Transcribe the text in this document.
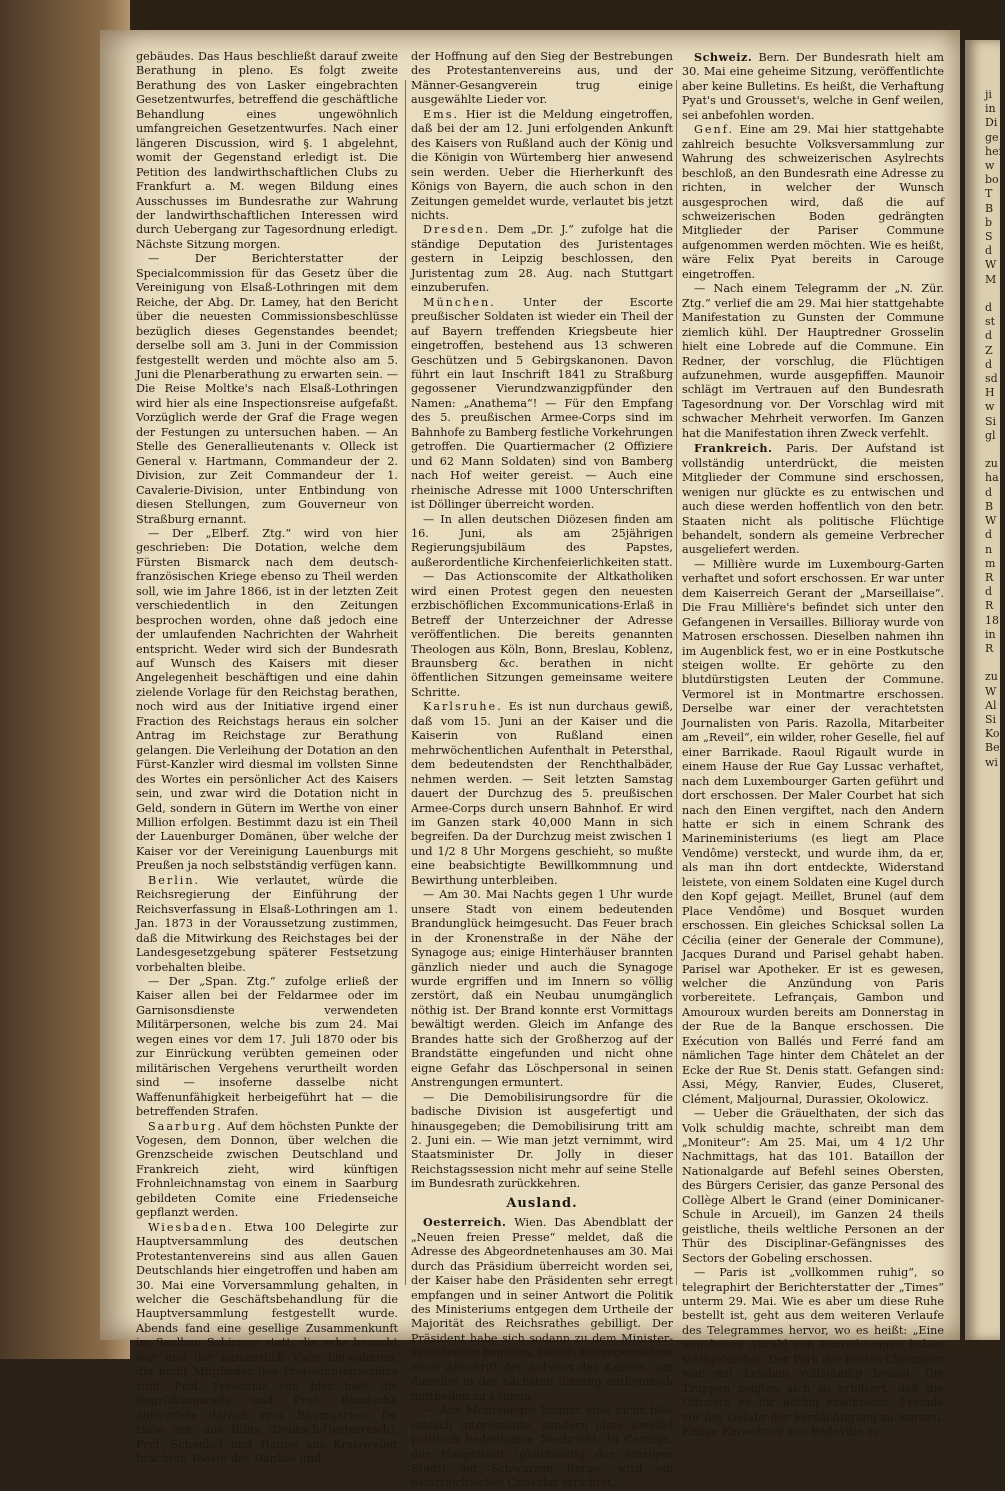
ji
in
Di
ge
hei
w
bo
T
B
b
S
d
W
M

d
st
d
Z
d
sd
H
w
Si
gl

zu
ha
d
B
W
d
n
m
R
d
R
18
in
R

zu
W
Al
Si
Ko
Bes
wi

gebäudes. Das Haus beschließt darauf zweite Berathung in pleno. Es folgt zweite Berathung des von Lasker eingebrachten Gesetzentwurfes, betreffend die geschäftliche Behandlung eines ungewöhnlich umfangreichen Gesetzentwurfes. Nach einer längeren Discussion, wird §. 1 abgelehnt, womit der Gegenstand erledigt ist. Die Petition des landwirthschaftlichen Clubs zu Frankfurt a. M. wegen Bildung eines Ausschusses im Bundesrathe zur Wahrung der landwirthschaftlichen Interessen wird durch Uebergang zur Tagesordnung erledigt. Nächste Sitzung morgen.

— Der Berichterstatter der Specialcommission für das Gesetz über die Vereinigung von Elsaß-Lothringen mit dem Reiche, der Abg. Dr. Lamey, hat den Bericht über die neuesten Commissionsbeschlüsse bezüglich dieses Gegenstandes beendet; derselbe soll am 3. Juni in der Commission festgestellt werden und möchte also am 5. Juni die Plenarberathung zu erwarten sein. — Die Reise Moltke's nach Elsaß-Lothringen wird hier als eine Inspectionsreise aufgefaßt. Vorzüglich werde der Graf die Frage wegen der Festungen zu untersuchen haben. — An Stelle des Generallieutenants v. Olleck ist General v. Hartmann, Commandeur der 2. Division, zur Zeit Commandeur der 1. Cavalerie-Division, unter Entbindung von diesen Stellungen, zum Gouverneur von Straßburg ernannt.

— Der „Elberf. Ztg.“ wird von hier geschrieben: Die Dotation, welche dem Fürsten Bismarck nach dem deutsch-französischen Kriege ebenso zu Theil werden soll, wie im Jahre 1866, ist in der letzten Zeit verschiedentlich in den Zeitungen besprochen worden, ohne daß jedoch eine der umlaufenden Nachrichten der Wahrheit entspricht. Weder wird sich der Bundesrath auf Wunsch des Kaisers mit dieser Angelegenheit beschäftigen und eine dahin zielende Vorlage für den Reichstag berathen, noch wird aus der Initiative irgend einer Fraction des Reichstags heraus ein solcher Antrag im Reichstage zur Berathung gelangen. Die Verleihung der Dotation an den Fürst-Kanzler wird diesmal im vollsten Sinne des Wortes ein persönlicher Act des Kaisers sein, und zwar wird die Dotation nicht in Geld, sondern in Gütern im Werthe von einer Million erfolgen. Bestimmt dazu ist ein Theil der Lauenburger Domänen, über welche der Kaiser vor der Vereinigung Lauenburgs mit Preußen ja noch selbstständig verfügen kann.

Berlin. Wie verlautet, würde die Reichsregierung der Einführung der Reichsverfassung in Elsaß-Lothringen am 1. Jan. 1873 in der Voraussetzung zustimmen, daß die Mitwirkung des Reichstages bei der Landesgesetzgebung späterer Festsetzung vorbehalten bleibe.

— Der „Span. Ztg.“ zufolge erließ der Kaiser allen bei der Feldarmee oder im Garnisonsdienste verwendeten Militärpersonen, welche bis zum 24. Mai wegen eines vor dem 17. Juli 1870 oder bis zur Einrückung verübten gemeinen oder militärischen Vergehens verurtheilt worden sind — insoferne dasselbe nicht Waffenunfähigkeit herbeigeführt hat — die betreffenden Strafen.

Saarburg. Auf dem höchsten Punkte der Vogesen, dem Donnon, über welchen die Grenzscheide zwischen Deutschland und Frankreich zieht, wird künftigen Frohnleichnamstag von einem in Saarburg gebildeten Comite eine Friedenseiche gepflanzt werden.

Wiesbaden. Etwa 100 Delegirte zur Hauptversammlung des deutschen Protestantenvereins sind aus allen Gauen Deutschlands hier eingetroffen und haben am 30. Mai eine Vorversammlung gehalten, in welcher die Geschäftsbehandlung für die Hauptversammlung festgestellt wurde. Abends fand eine gesellige Zusammenkunft im Saalbau Schirmer statt, die sehr besucht war und der namentlich Viele beiwohnten, die nicht Mitglieder des Protestantenvereins sind. Prof. Fresenius von hier hielt die Begrüßungsrede und Prof. Bluntschli antwortete darauf. Prof. Baumgarten, Dr. Hase sen. aus Bilitz (Deutsch-Oesterreich), Prof. Schenkel und Hanne aus Kreisweiler brachten Toaste des Dankes und

der Hoffnung auf den Sieg der Bestrebungen des Protestantenvereins aus, und der Männer-Gesangverein trug einige ausgewählte Lieder vor.

Ems. Hier ist die Meldung eingetroffen, daß bei der am 12. Juni erfolgenden Ankunft des Kaisers von Rußland auch der König und die Königin von Würtemberg hier anwesend sein werden. Ueber die Hierherkunft des Königs von Bayern, die auch schon in den Zeitungen gemeldet wurde, verlautet bis jetzt nichts.

Dresden. Dem „Dr. J.“ zufolge hat die ständige Deputation des Juristentages gestern in Leipzig beschlossen, den Juristentag zum 28. Aug. nach Stuttgart einzuberufen.

München. Unter der Escorte preußischer Soldaten ist wieder ein Theil der auf Bayern treffenden Kriegsbeute hier eingetroffen, bestehend aus 13 schweren Geschützen und 5 Gebirgskanonen. Davon führt ein laut Inschrift 1841 zu Straßburg gegossener Vierundzwanzigpfünder den Namen: „Anathema“! — Für den Empfang des 5. preußischen Armee-Corps sind im Bahnhofe zu Bamberg festliche Vorkehrungen getroffen. Die Quartiermacher (2 Offiziere und 62 Mann Soldaten) sind von Bamberg nach Hof weiter gereist. — Auch eine rheinische Adresse mit 1000 Unterschriften ist Döllinger überreicht worden.

— In allen deutschen Diözesen finden am 16. Juni, als am 25jährigen Regierungsjubiläum des Papstes, außerordentliche Kirchenfeierlichkeiten statt.

— Das Actionscomite der Altkatholiken wird einen Protest gegen den neuesten erzbischöflichen Excommunications-Erlaß in Betreff der Unterzeichner der Adresse veröffentlichen. Die bereits genannten Theologen aus Köln, Bonn, Breslau, Koblenz, Braunsberg &c. berathen in nicht öffentlichen Sitzungen gemeinsame weitere Schritte.

Karlsruhe. Es ist nun durchaus gewiß, daß vom 15. Juni an der Kaiser und die Kaiserin von Rußland einen mehrwöchentlichen Aufenthalt in Petersthal, dem bedeutendsten der Renchthalbäder, nehmen werden. — Seit letzten Samstag dauert der Durchzug des 5. preußischen Armee-Corps durch unsern Bahnhof. Er wird im Ganzen stark 40,000 Mann in sich begreifen. Da der Durchzug meist zwischen 1 und 1/2 8 Uhr Morgens geschieht, so mußte eine beabsichtigte Bewillkommnung und Bewirthung unterbleiben.

— Am 30. Mai Nachts gegen 1 Uhr wurde unsere Stadt von einem bedeutenden Brandunglück heimgesucht. Das Feuer brach in der Kronenstraße in der Nähe der Synagoge aus; einige Hinterhäuser brannten gänzlich nieder und auch die Synagoge wurde ergriffen und im Innern so völlig zerstört, daß ein Neubau unumgänglich nöthig ist. Der Brand konnte erst Vormittags bewältigt werden. Gleich im Anfange des Brandes hatte sich der Großherzog auf der Brandstätte eingefunden und nicht ohne eigne Gefahr das Löschpersonal in seinen Anstrengungen ermuntert.

— Die Demobilisirungsordre für die badische Division ist ausgefertigt und hinausgegeben; die Demobilisirung tritt am 2. Juni ein. — Wie man jetzt vernimmt, wird Staatsminister Dr. Jolly in dieser Reichstagssession nicht mehr auf seine Stelle im Bundesrath zurückkehren.

Ausland.

Oesterreich. Wien. Das Abendblatt der „Neuen freien Presse“ meldet, daß die Adresse des Abgeordnetenhauses am 30. Mai durch das Präsidium überreicht worden sei, der Kaiser habe den Präsidenten sehr erregt empfangen und in seiner Antwort die Politik des Ministeriums entgegen dem Urtheile der Majorität des Reichsrathes gebilligt. Der Präsident habe sich sodann zu dem Minister-Präsidenten begeben, behufs Entgegennahme einer Abschrift der Antwort des Kaisers, um dieselbe in der nächsten Sitzung authentisch mittheilen zu können.

— Aus Montenegro kommt eine nicht blos einfach interessante, sondern ohne Zweifel politisch bedeutsame Nachricht. In Cettinje, der Hauptstadt (gleichzeitig der einzigen Stadt) der Schwarzen Berge, wird ein österreichisches Consulat errichtet.

Schweiz. Bern. Der Bundesrath hielt am 30. Mai eine geheime Sitzung, veröffentlichte aber keine Bulletins. Es heißt, die Verhaftung Pyat's und Grousset's, welche in Genf weilen, sei anbefohlen worden.

Genf. Eine am 29. Mai hier stattgehabte zahlreich besuchte Volksversammlung zur Wahrung des schweizerischen Asylrechts beschloß, an den Bundesrath eine Adresse zu richten, in welcher der Wunsch ausgesprochen wird, daß die auf schweizerischen Boden gedrängten Mitglieder der Pariser Commune aufgenommen werden möchten. Wie es heißt, wäre Felix Pyat bereits in Carouge eingetroffen.

— Nach einem Telegramm der „N. Zür. Ztg.“ verlief die am 29. Mai hier stattgehabte Manifestation zu Gunsten der Commune ziemlich kühl. Der Hauptredner Grosselin hielt eine Lobrede auf die Commune. Ein Redner, der vorschlug, die Flüchtigen aufzunehmen, wurde ausgepfiffen. Maunoir schlägt im Vertrauen auf den Bundesrath Tagesordnung vor. Der Vorschlag wird mit schwacher Mehrheit verworfen. Im Ganzen hat die Manifestation ihren Zweck verfehlt.

Frankreich. Paris. Der Aufstand ist vollständig unterdrückt, die meisten Mitglieder der Commune sind erschossen, wenigen nur glückte es zu entwischen und auch diese werden hoffentlich von den betr. Staaten nicht als politische Flüchtige behandelt, sondern als gemeine Verbrecher ausgeliefert werden.

— Millière wurde im Luxembourg-Garten verhaftet und sofort erschossen. Er war unter dem Kaiserreich Gerant der „Marseillaise“. Die Frau Millière's befindet sich unter den Gefangenen in Versailles. Billioray wurde von Matrosen erschossen. Dieselben nahmen ihn im Augenblick fest, wo er in eine Postkutsche steigen wollte. Er gehörte zu den blutdürstigsten Leuten der Commune. Vermorel ist in Montmartre erschossen. Derselbe war einer der verachtetsten Journalisten von Paris. Razolla, Mitarbeiter am „Reveil“, ein wilder, roher Geselle, fiel auf einer Barrikade. Raoul Rigault wurde in einem Hause der Rue Gay Lussac verhaftet, nach dem Luxembourger Garten geführt und dort erschossen. Der Maler Courbet hat sich nach den Einen vergiftet, nach den Andern hatte er sich in einem Schrank des Marineministeriums (es liegt am Place Vendôme) versteckt, und wurde ihm, da er, als man ihn dort entdeckte, Widerstand leistete, von einem Soldaten eine Kugel durch den Kopf gejagt. Meillet, Brunel (auf dem Place Vendôme) und Bosquet wurden erschossen. Ein gleiches Schicksal sollen La Cécilia (einer der Generale der Commune), Jacques Durand und Parisel gehabt haben. Parisel war Apotheker. Er ist es gewesen, welcher die Anzündung von Paris vorbereitete. Lefrançais, Gambon und Amouroux wurden bereits am Donnerstag in der Rue de la Banque erschossen. Die Exécution von Ballés und Ferré fand am nämlichen Tage hinter dem Châtelet an der Ecke der Rue St. Denis statt. Gefangen sind: Assi, Mégy, Ranvier, Eudes, Cluseret, Clément, Maljournal, Durassier, Okolowicz.

— Ueber die Gräuelthaten, der sich das Volk schuldig machte, schreibt man dem „Moniteur“: Am 25. Mai, um 4 1/2 Uhr Nachmittags, hat das 101. Bataillon der Nationalgarde auf Befehl seines Obersten, des Bürgers Cerisier, das ganze Personal des Collège Albert le Grand (einer Dominicaner-Schule in Arcueil), im Ganzen 24 theils geistliche, theils weltliche Personen an der Thür des Disciplinar-Gefängnisses des Sectors der Gobeling erschossen.

— Paris ist „vollkommen ruhig“, so telegraphirt der Berichterstatter der „Times“ unterm 29. Mai. Wie es aber um diese Ruhe bestellt ist, geht aus dem weiteren Verlaufe des Telegrammes hervor, wo es heißt: „Eine ungeheure Anzahl von Hinrichtungen haben stattgefunden. Der Park der Buttes Chaumont war mit Leichen vollständig besäet. Die Truppen zeigten sich so erbittert, daß die Offiziere es für nöthig erachteten, Fremde vor der Gefahr der Verdächtigung zu warnen. Einige Einwohner von Belleville er-
